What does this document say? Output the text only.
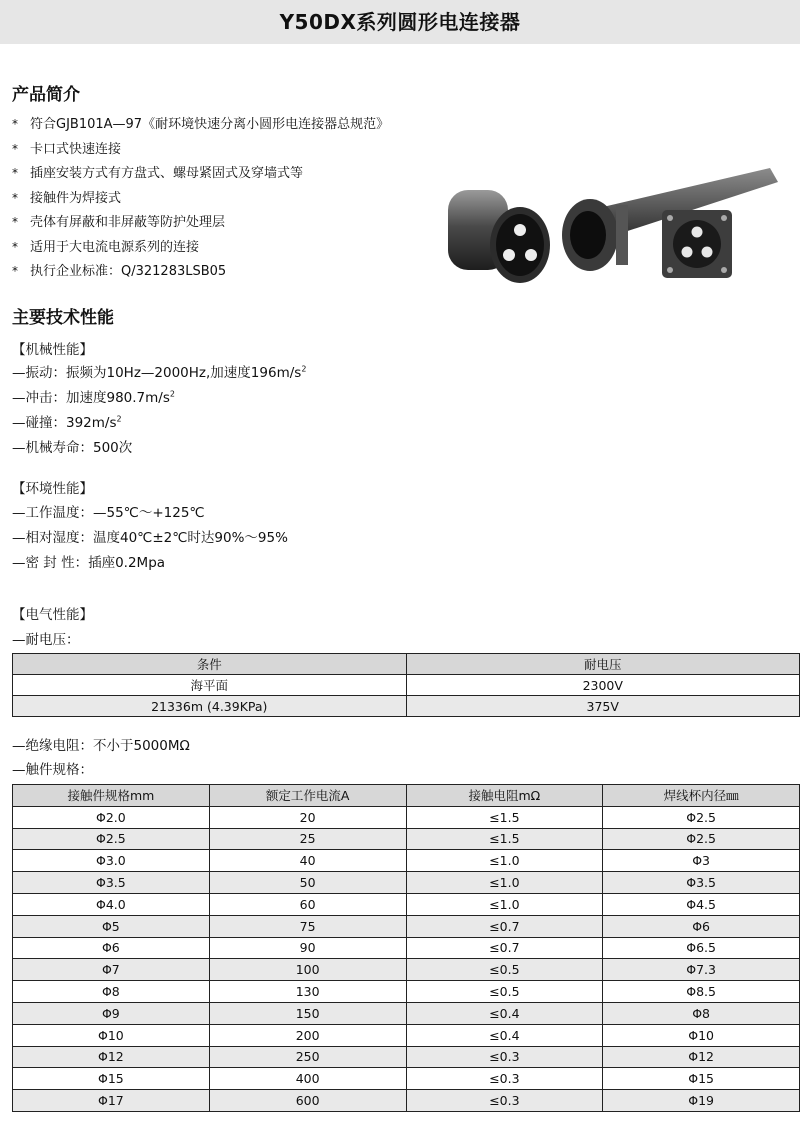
Y50DX系列圆形电连接器
产品简介
* 符合GJB101A—97《耐环境快速分离小圆形电连接器总规范》
* 卡口式快速连接
* 插座安装方式有方盘式、螺母紧固式及穿墙式等
* 接触件为焊接式
* 壳体有屏蔽和非屏蔽等防护处理层
* 适用于大电流电源系列的连接
* 执行企业标准：Q/321283LSB05
主要技术性能
【机械性能】
—振动：振频为10Hz—2000Hz,加速度$196m/s^2$
—冲击：加速度$980.7m/s^2$
—碰撞：$392m/s^2$
—机械寿命：500次
【环境性能】
—工作温度：—55℃～+125℃
—相对湿度：温度40℃±2℃时达90%～95%
—密 封 性：插座0.2Mpa
【电气性能】
—耐电压：
条件	耐电压
海平面	2300V
21336m (4.39KPa)	375V
—绝缘电阻：不小于5000MΩ
—触件规格：
接触件规格mm	额定工作电流A	接触电阻mΩ	焊线杯内径㎜
Φ2.0	20	≤1.5	Φ2.5
Φ2.5	25	≤1.5	Φ2.5
Φ3.0	40	≤1.0	Φ3
Φ3.5	50	≤1.0	Φ3.5
Φ4.0	60	≤1.0	Φ4.5
Φ5	75	≤0.7	Φ6
Φ6	90	≤0.7	Φ6.5
Φ7	100	≤0.5	Φ7.3
Φ8	130	≤0.5	Φ8.5
Φ9	150	≤0.4	Φ8
Φ10	200	≤0.4	Φ10
Φ12	250	≤0.3	Φ12
Φ15	400	≤0.3	Φ15
Φ17	600	≤0.3	Φ19
